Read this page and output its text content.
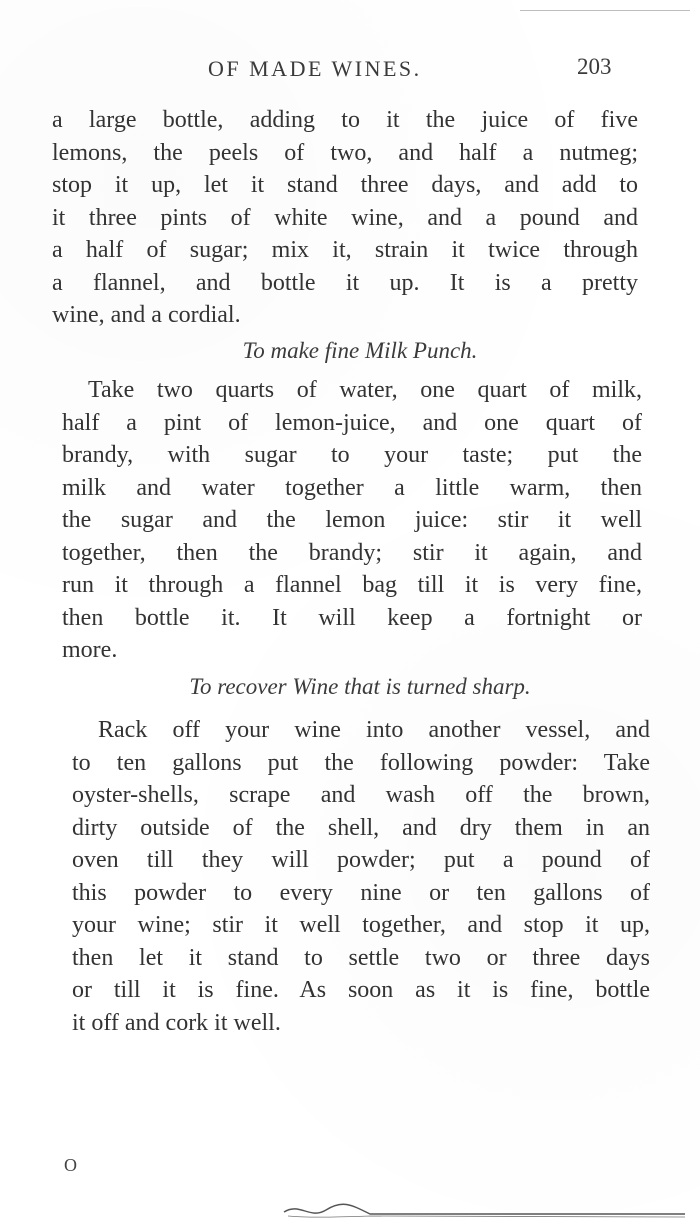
OF MADE WINES.	203
a large bottle, adding to it the juice of five
lemons, the peels of two, and half a nutmeg;
stop it up, let it stand three days, and add to
it three pints of white wine, and a pound and
a half of sugar; mix it, strain it twice through
a flannel, and bottle it up. It is a pretty
wine, and a cordial.
To make fine Milk Punch.
Take two quarts of water, one quart of milk,
half a pint of lemon-juice, and one quart of
brandy, with sugar to your taste; put the
milk and water together a little warm, then
the sugar and the lemon juice: stir it well
together, then the brandy; stir it again, and
run it through a flannel bag till it is very fine,
then bottle it. It will keep a fortnight or
more.
To recover Wine that is turned sharp.
Rack off your wine into another vessel, and
to ten gallons put the following powder: Take
oyster-shells, scrape and wash off the brown,
dirty outside of the shell, and dry them in an
oven till they will powder; put a pound of
this powder to every nine or ten gallons of
your wine; stir it well together, and stop it up,
then let it stand to settle two or three days
or till it is fine. As soon as it is fine, bottle
it off and cork it well.
O
